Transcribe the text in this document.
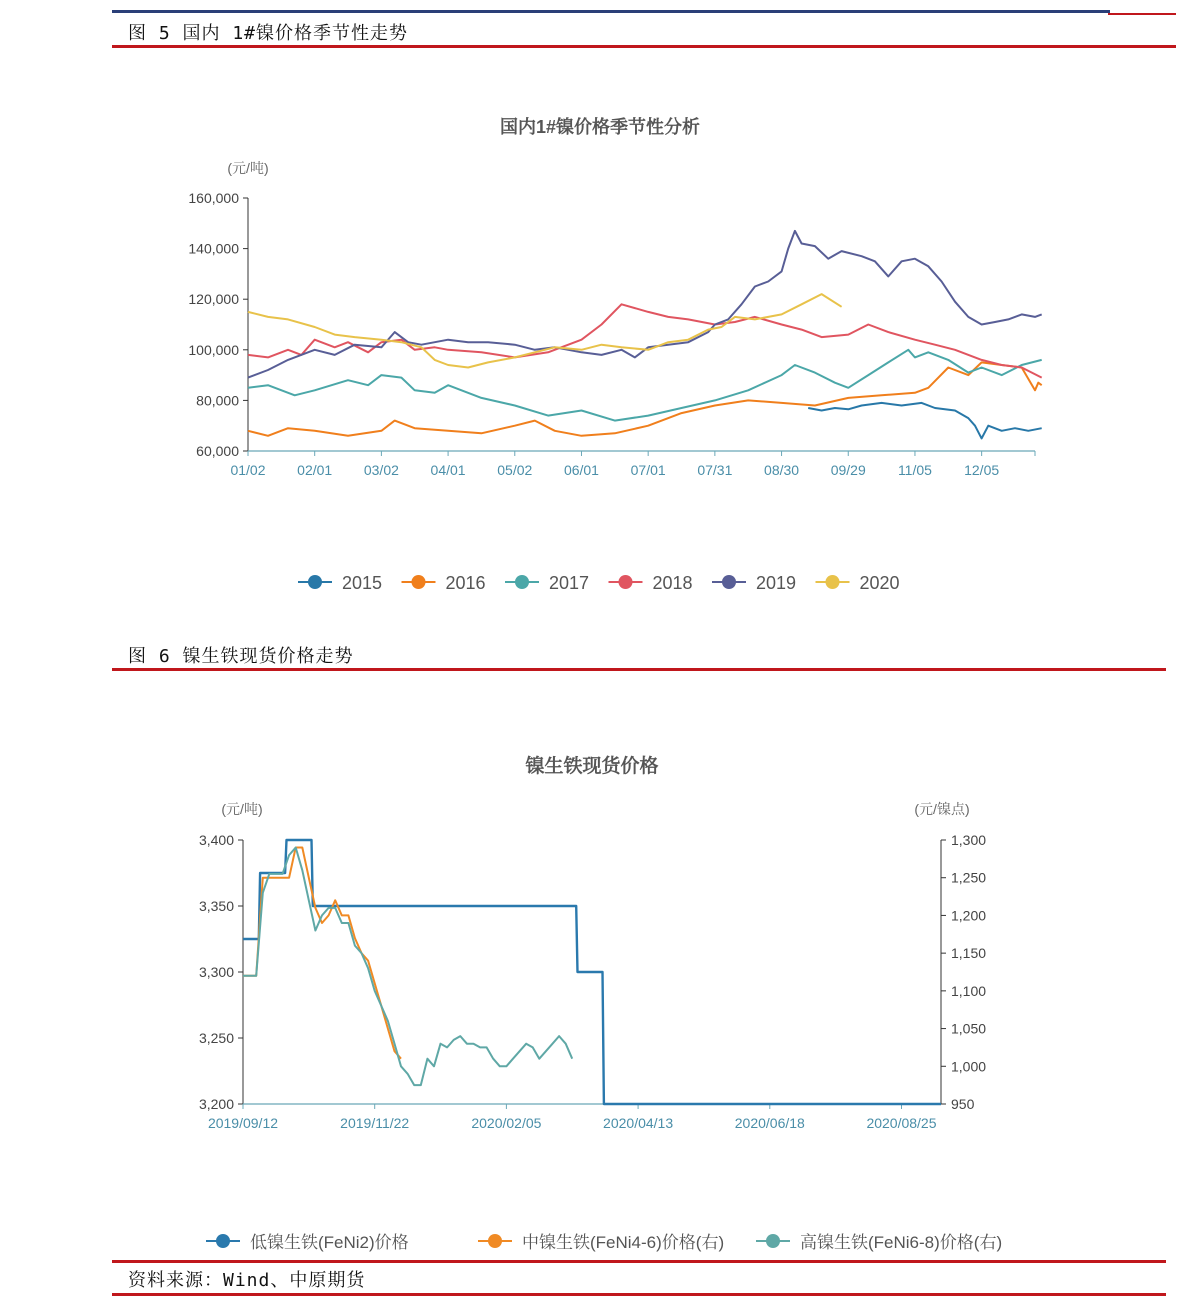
图 5 国内 1#镍价格季节性走势
国内1#镍价格季节性分析
(元/吨)
160,000
140,000
120,000
100,000
80,000
60,000
01/02 02/01 03/02 04/01 05/02 06/01 07/01 07/31 08/30 09/29 11/05 12/05
2015	2016	2017	2018	2019	2020
图 6 镍生铁现货价格走势
镍生铁现货价格
(元/吨)	(元/镍点)
3,400
3,350
3,300
3,250
3,200
1,300
1,250
1,200
1,150
1,100
1,050
1,000
950
2019/09/12	2019/11/22	2020/02/05	2020/04/13	2020/06/18	2020/08/25
低镍生铁(FeNi2)价格	中镍生铁(FeNi4-6)价格(右)	高镍生铁(FeNi6-8)价格(右)
资料来源：Wind、中原期货
